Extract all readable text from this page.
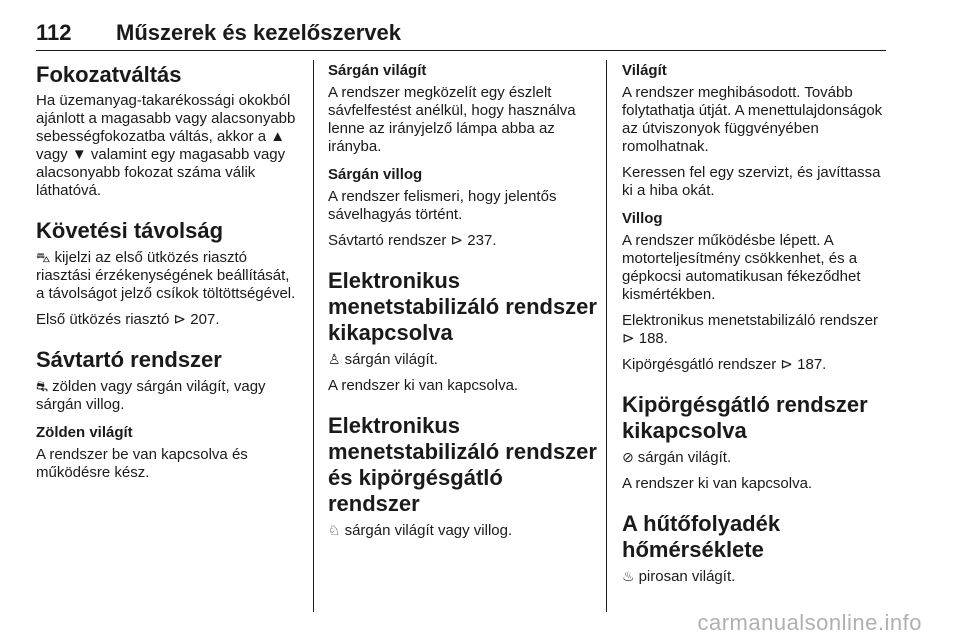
112 Műszerek és kezelőszervek
Fokozatváltás

Ha üzemanyag-takarékossági okokból ajánlott a magasabb vagy alacsonyabb sebességfokozatba váltás, akkor a ▲ vagy ▼ valamint egy magasabb vagy alacsonyabb fokozat száma válik láthatóvá.

Követési távolság

⛍ kijelzi az első ütközés riasztó riasztási érzékenységének beállítását, a távolságot jelző csíkok töltöttségével.

Első ütközés riasztó ⊳ 207.

Sávtartó rendszer

⛐ zölden vagy sárgán világít, vagy sárgán villog.

Zölden világít

A rendszer be van kapcsolva és működésre kész.

Sárgán világít

A rendszer megközelít egy észlelt sávfelfestést anélkül, hogy használva lenne az irányjelző lámpa abba az irányba.

Sárgán villog

A rendszer felismeri, hogy jelentős sávelhagyás történt.

Sávtartó rendszer ⊳ 237.

Elektronikus menetstabilizáló rendszer kikapcsolva

♙ sárgán világít.

A rendszer ki van kapcsolva.

Elektronikus menetstabilizáló rendszer és kipörgésgátló rendszer

♘ sárgán világít vagy villog.

Világít

A rendszer meghibásodott. Tovább folytathatja útját. A menettulajdonságok az útviszonyok függvényében romolhatnak.

Keressen fel egy szervizt, és javíttassa ki a hiba okát.

Villog

A rendszer működésbe lépett. A motorteljesítmény csökkenhet, és a gépkocsi automatikusan fékeződhet kismértékben.

Elektronikus menetstabilizáló rendszer ⊳ 188.

Kipörgésgátló rendszer ⊳ 187.

Kipörgésgátló rendszer kikapcsolva

⊘ sárgán világít.

A rendszer ki van kapcsolva.

A hűtőfolyadék hőmérséklete

♨ pirosan világít.

carmanualsonline.info
